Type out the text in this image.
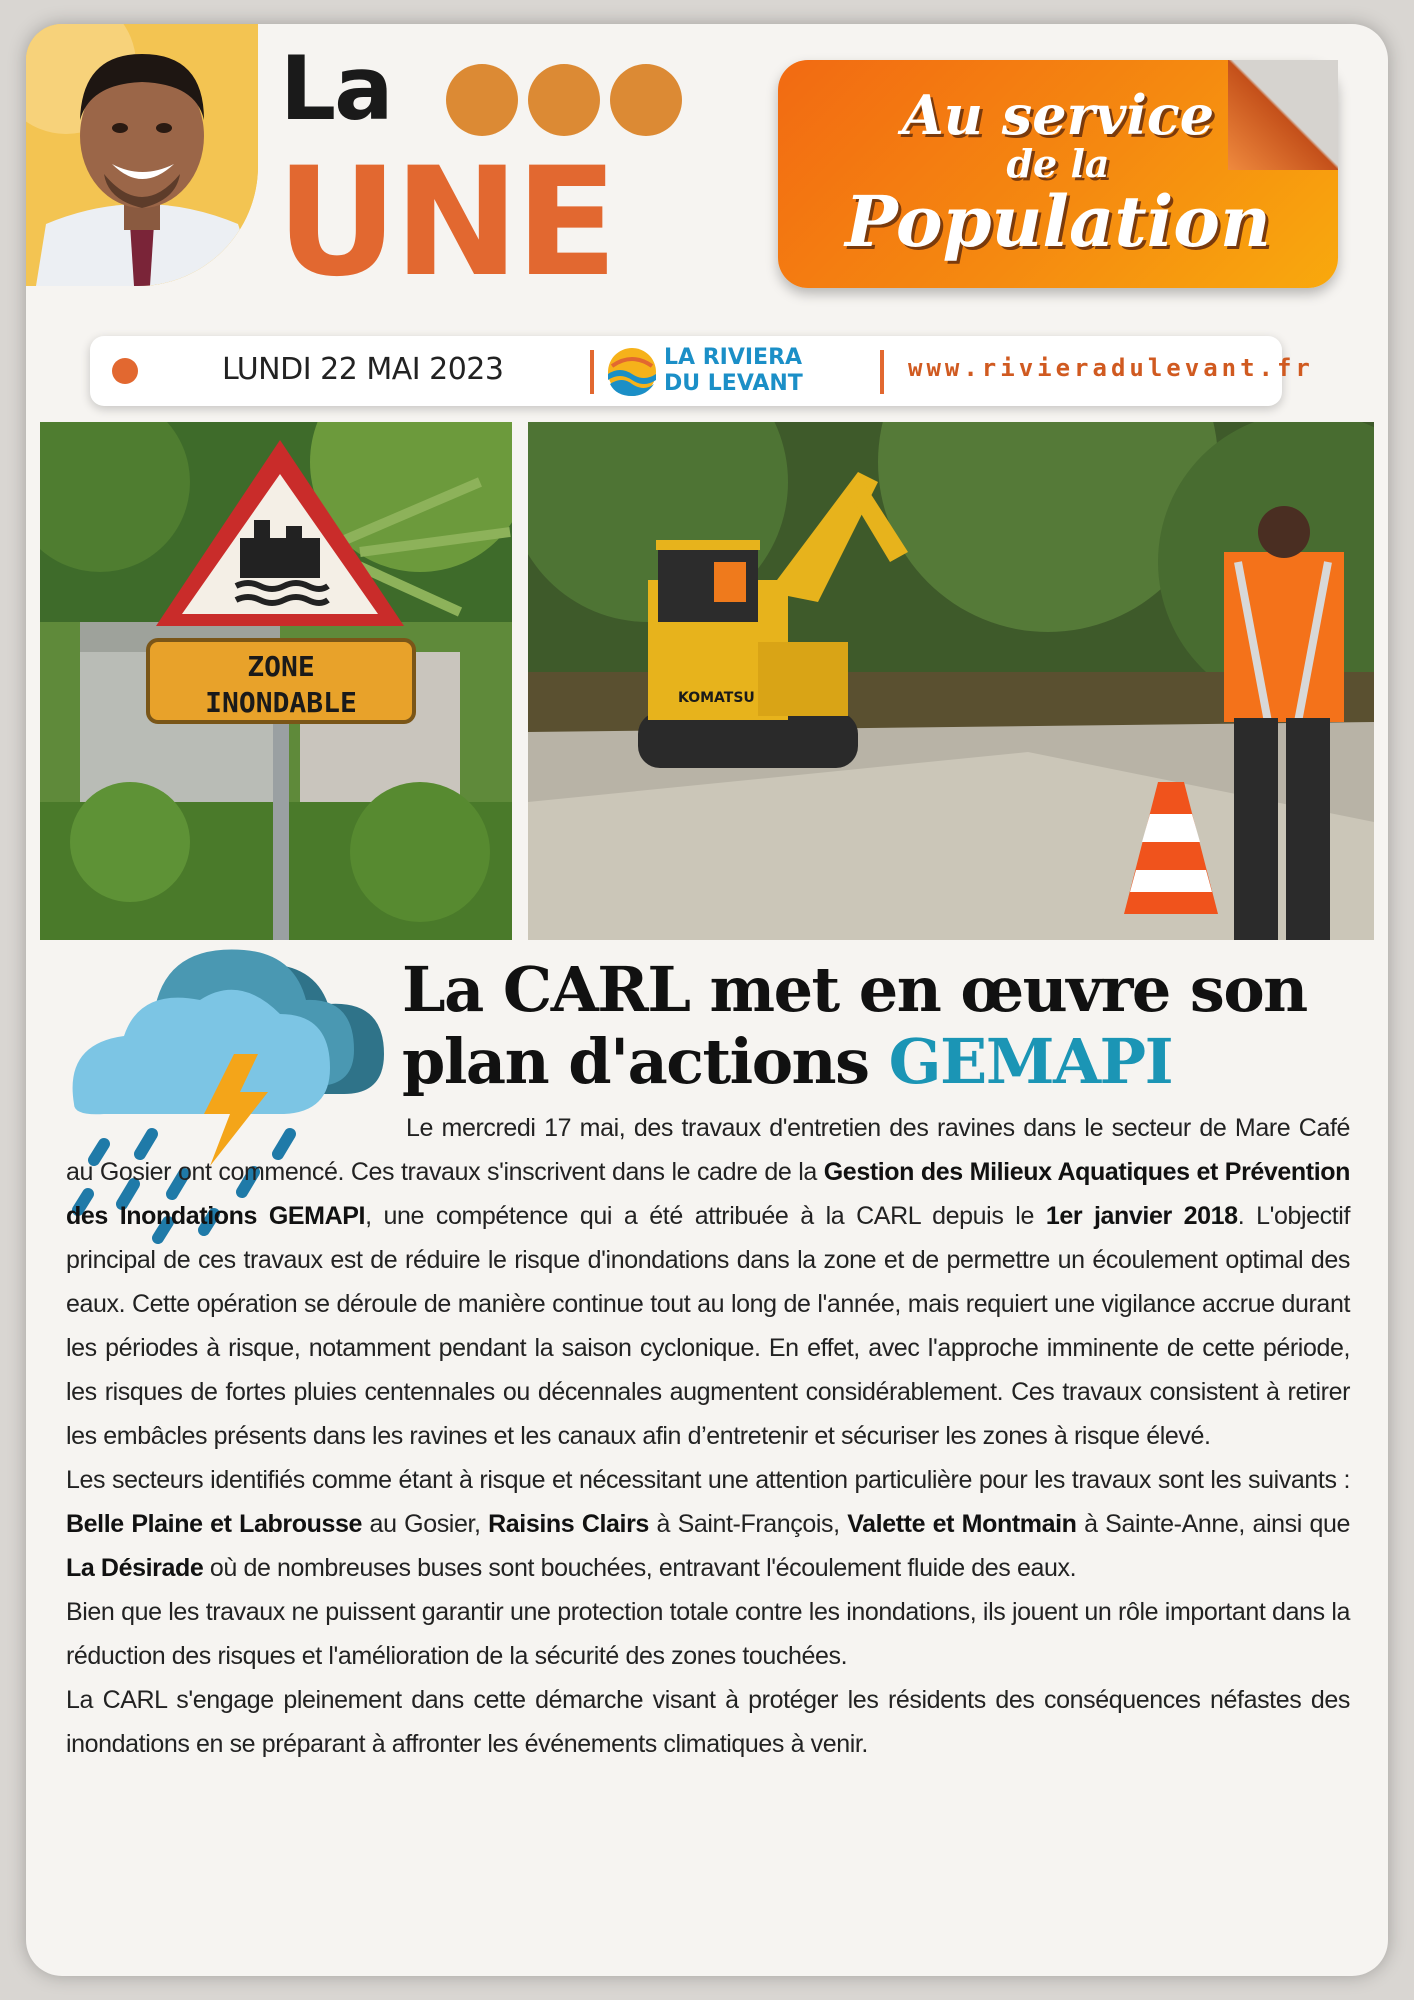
La
UNE
Au service
de la
Population
LUNDI 22 MAI 2023	LA RIVIERA
DU LEVANT
www.rivieradulevant.fr
ZONE
INONDABLE	KOMATSU
La CARL met en œuvre son plan d'actions GEMAPI

Le mercredi 17 mai, des travaux d'entretien des ravines dans le secteur de Mare Café au Gosier ont commencé. Ces travaux s'inscrivent dans le cadre de la Gestion des Milieux Aquatiques et Prévention des Inondations GEMAPI, une compétence qui a été attribuée à la CARL depuis le 1er janvier 2018. L'objectif principal de ces travaux est de réduire le risque d'inondations dans la zone et de permettre un écoulement optimal des eaux. Cette opération se déroule de manière continue tout au long de l'année, mais requiert une vigilance accrue durant les périodes à risque, notamment pendant la saison cyclonique. En effet, avec l'approche imminente de cette période, les risques de fortes pluies centennales ou décennales augmentent considérablement. Ces travaux consistent à retirer les embâcles présents dans les ravines et les canaux afin d’entretenir et sécuriser les zones à risque élevé.

Les secteurs identifiés comme étant à risque et nécessitant une attention particulière pour les travaux sont les suivants : Belle Plaine et Labrousse au Gosier, Raisins Clairs à Saint-François, Valette et Montmain à Sainte-Anne, ainsi que La Désirade où de nombreuses buses sont bouchées, entravant l'écoulement fluide des eaux.

Bien que les travaux ne puissent garantir une protection totale contre les inondations, ils jouent un rôle important dans la réduction des risques et l'amélioration de la sécurité des zones touchées.

La CARL s'engage pleinement dans cette démarche visant à protéger les résidents des conséquences néfastes des inondations en se préparant à affronter les événements climatiques à venir.
